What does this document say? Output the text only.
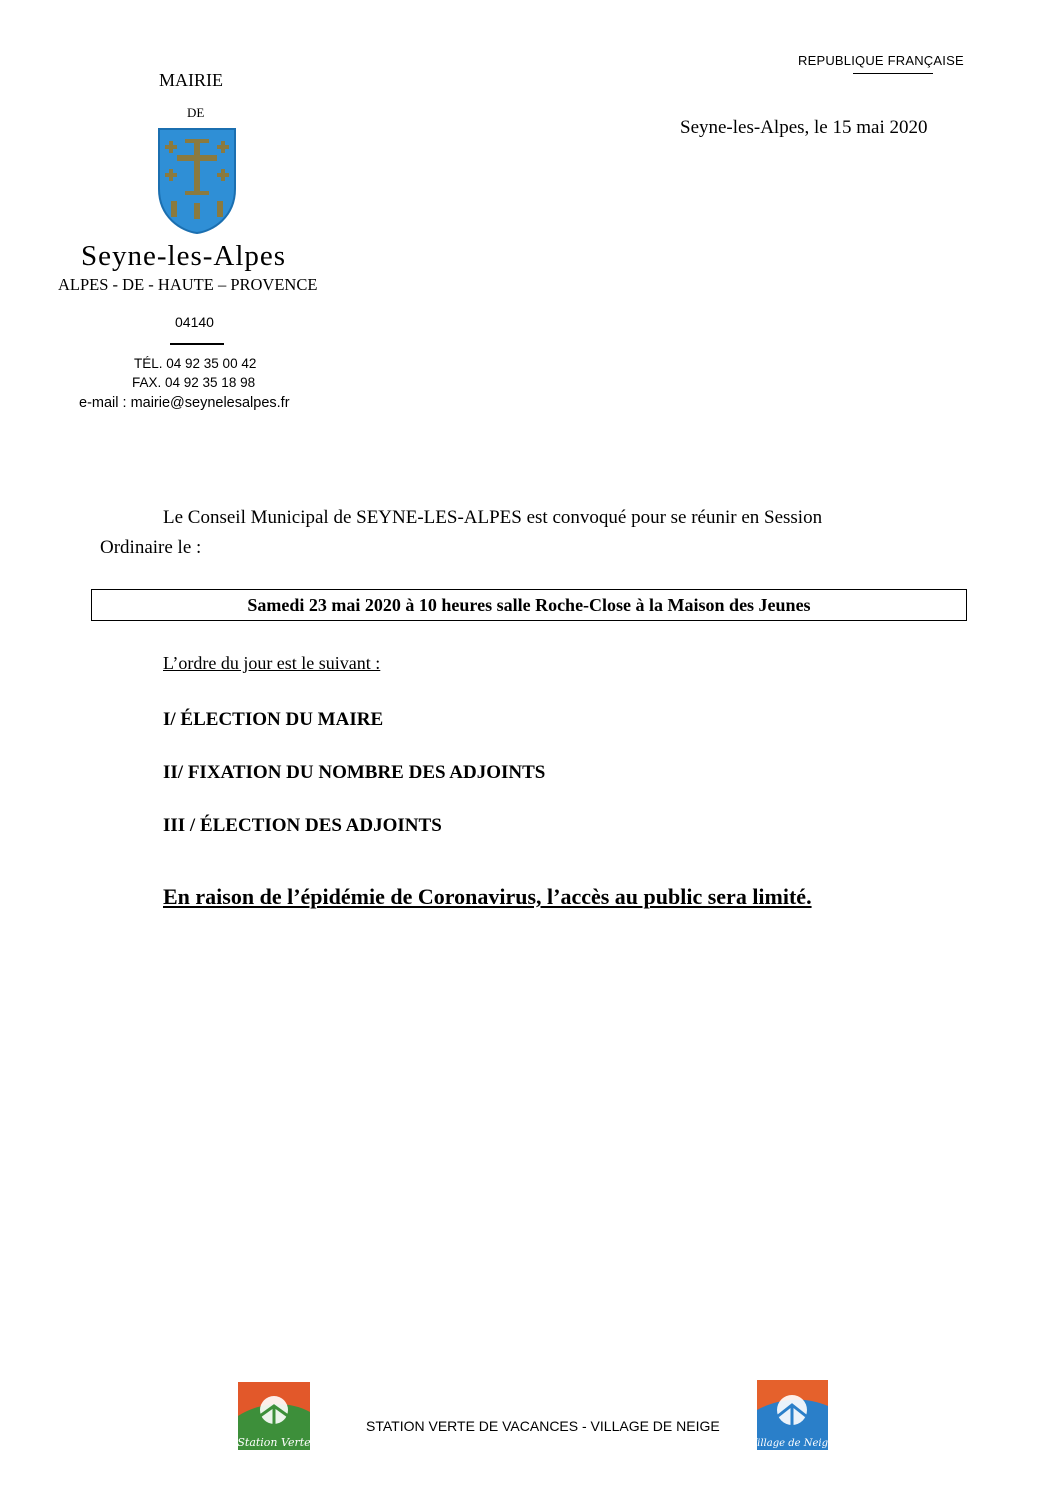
REPUBLIQUE FRANÇAISE
Seyne-les-Alpes, le 15 mai 2020
MAIRIE
DE
Seyne-les-Alpes
ALPES - DE - HAUTE – PROVENCE
04140
TÉL. 04 92 35 00 42
FAX. 04 92 35 18 98
e-mail : mairie@seynelesalpes.fr
Le Conseil Municipal de SEYNE-LES-ALPES est convoqué pour se réunir en Session
Ordinaire le :
Samedi 23 mai 2020 à 10 heures salle Roche-Close à la Maison des Jeunes
L’ordre du jour est le suivant :
I/ ÉLECTION DU MAIRE
II/ FIXATION DU NOMBRE DES ADJOINTS
III / ÉLECTION DES ADJOINTS
En raison de l’épidémie de Coronavirus, l’accès au public sera limité.
Station Verte
STATION VERTE DE VACANCES - VILLAGE DE NEIGE
Village de Neige
